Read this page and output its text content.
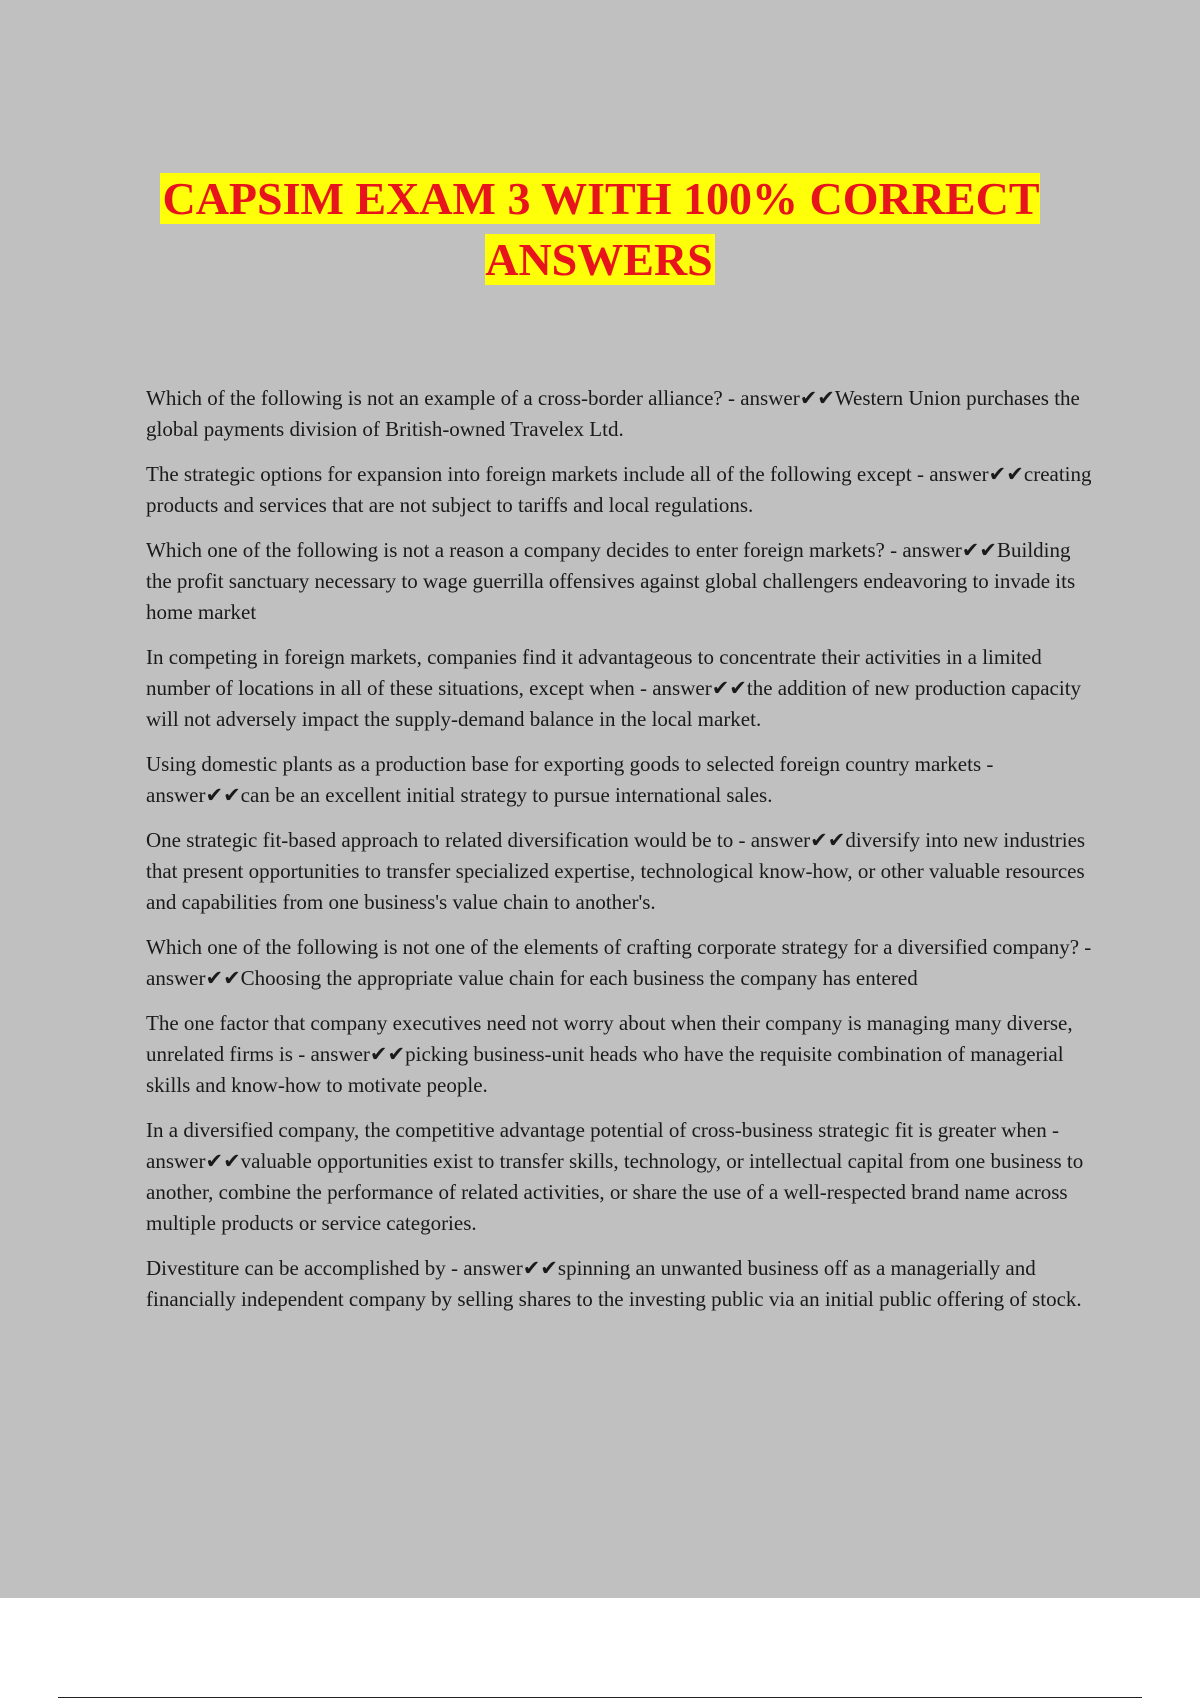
CAPSIM EXAM 3 WITH 100% CORRECT ANSWERS

Which of the following is not an example of a cross-border alliance? - answer✔✔Western Union purchases the global payments division of British-owned Travelex Ltd.

The strategic options for expansion into foreign markets include all of the following except - answer✔✔creating products and services that are not subject to tariffs and local regulations.

Which one of the following is not a reason a company decides to enter foreign markets? - answer✔✔Building the profit sanctuary necessary to wage guerrilla offensives against global challengers endeavoring to invade its home market

In competing in foreign markets, companies find it advantageous to concentrate their activities in a limited number of locations in all of these situations, except when - answer✔✔the addition of new production capacity will not adversely impact the supply-demand balance in the local market.

Using domestic plants as a production base for exporting goods to selected foreign country markets - answer✔✔can be an excellent initial strategy to pursue international sales.

One strategic fit-based approach to related diversification would be to - answer✔✔diversify into new industries that present opportunities to transfer specialized expertise, technological know-how, or other valuable resources and capabilities from one business's value chain to another's.

Which one of the following is not one of the elements of crafting corporate strategy for a diversified company? - answer✔✔Choosing the appropriate value chain for each business the company has entered

The one factor that company executives need not worry about when their company is managing many diverse, unrelated firms is - answer✔✔picking business-unit heads who have the requisite combination of managerial skills and know-how to motivate people.

In a diversified company, the competitive advantage potential of cross-business strategic fit is greater when - answer✔✔valuable opportunities exist to transfer skills, technology, or intellectual capital from one business to another, combine the performance of related activities, or share the use of a well-respected brand name across multiple products or service categories.

Divestiture can be accomplished by - answer✔✔spinning an unwanted business off as a managerially and financially independent company by selling shares to the investing public via an initial public offering of stock.
